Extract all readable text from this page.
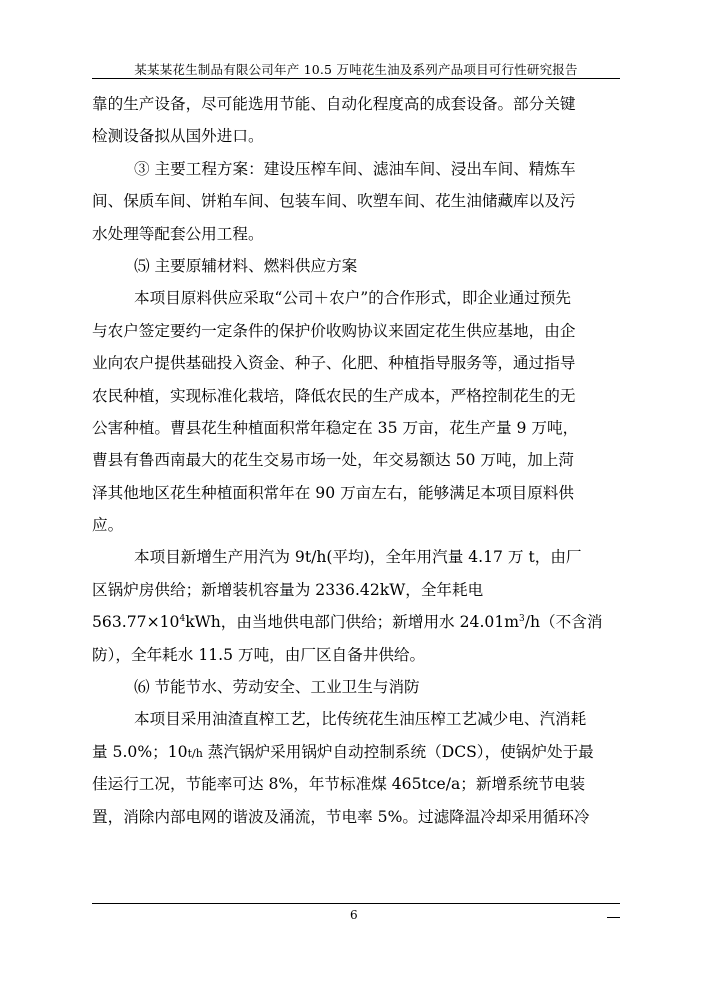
某某某花生制品有限公司年产 10.5 万吨花生油及系列产品项目可行性研究报告
靠的生产设备，尽可能选用节能、自动化程度高的成套设备。部分关键
检测设备拟从国外进口。
③ 主要工程方案：建设压榨车间、滤油车间、浸出车间、精炼车
间、保质车间、饼粕车间、包装车间、吹塑车间、花生油储藏库以及污
水处理等配套公用工程。
⑸ 主要原辅材料、燃料供应方案
本项目原料供应采取“公司＋农户”的合作形式，即企业通过预先
与农户签定要约一定条件的保护价收购协议来固定花生供应基地，由企
业向农户提供基础投入资金、种子、化肥、种植指导服务等，通过指导
农民种植，实现标准化栽培，降低农民的生产成本，严格控制花生的无
公害种植。曹县花生种植面积常年稳定在 35 万亩，花生产量 9 万吨，
曹县有鲁西南最大的花生交易市场一处，年交易额达 50 万吨，加上菏
泽其他地区花生种植面积常年在 90 万亩左右，能够满足本项目原料供
应。
本项目新增生产用汽为 9t/h(平均)，全年用汽量 4.17 万 t，由厂
区锅炉房供给；新增装机容量为 2336.42kW，全年耗电
$563.77\times 10^4kWh$，由当地供电部门供给；新增用水 $24.01m^3/h$（不含消
防），全年耗水 11.5 万吨，由厂区自备井供给。
⑹ 节能节水、劳动安全、工业卫生与消防
本项目采用油渣直榨工艺，比传统花生油压榨工艺减少电、汽消耗
量 5.0%；10t/h 蒸汽锅炉采用锅炉自动控制系统（DCS），使锅炉处于最
佳运行工况，节能率可达 8%，年节标准煤 465tce/a；新增系统节电装
置，消除内部电网的谐波及涌流，节电率 5%。过滤降温冷却采用循环冷
6
